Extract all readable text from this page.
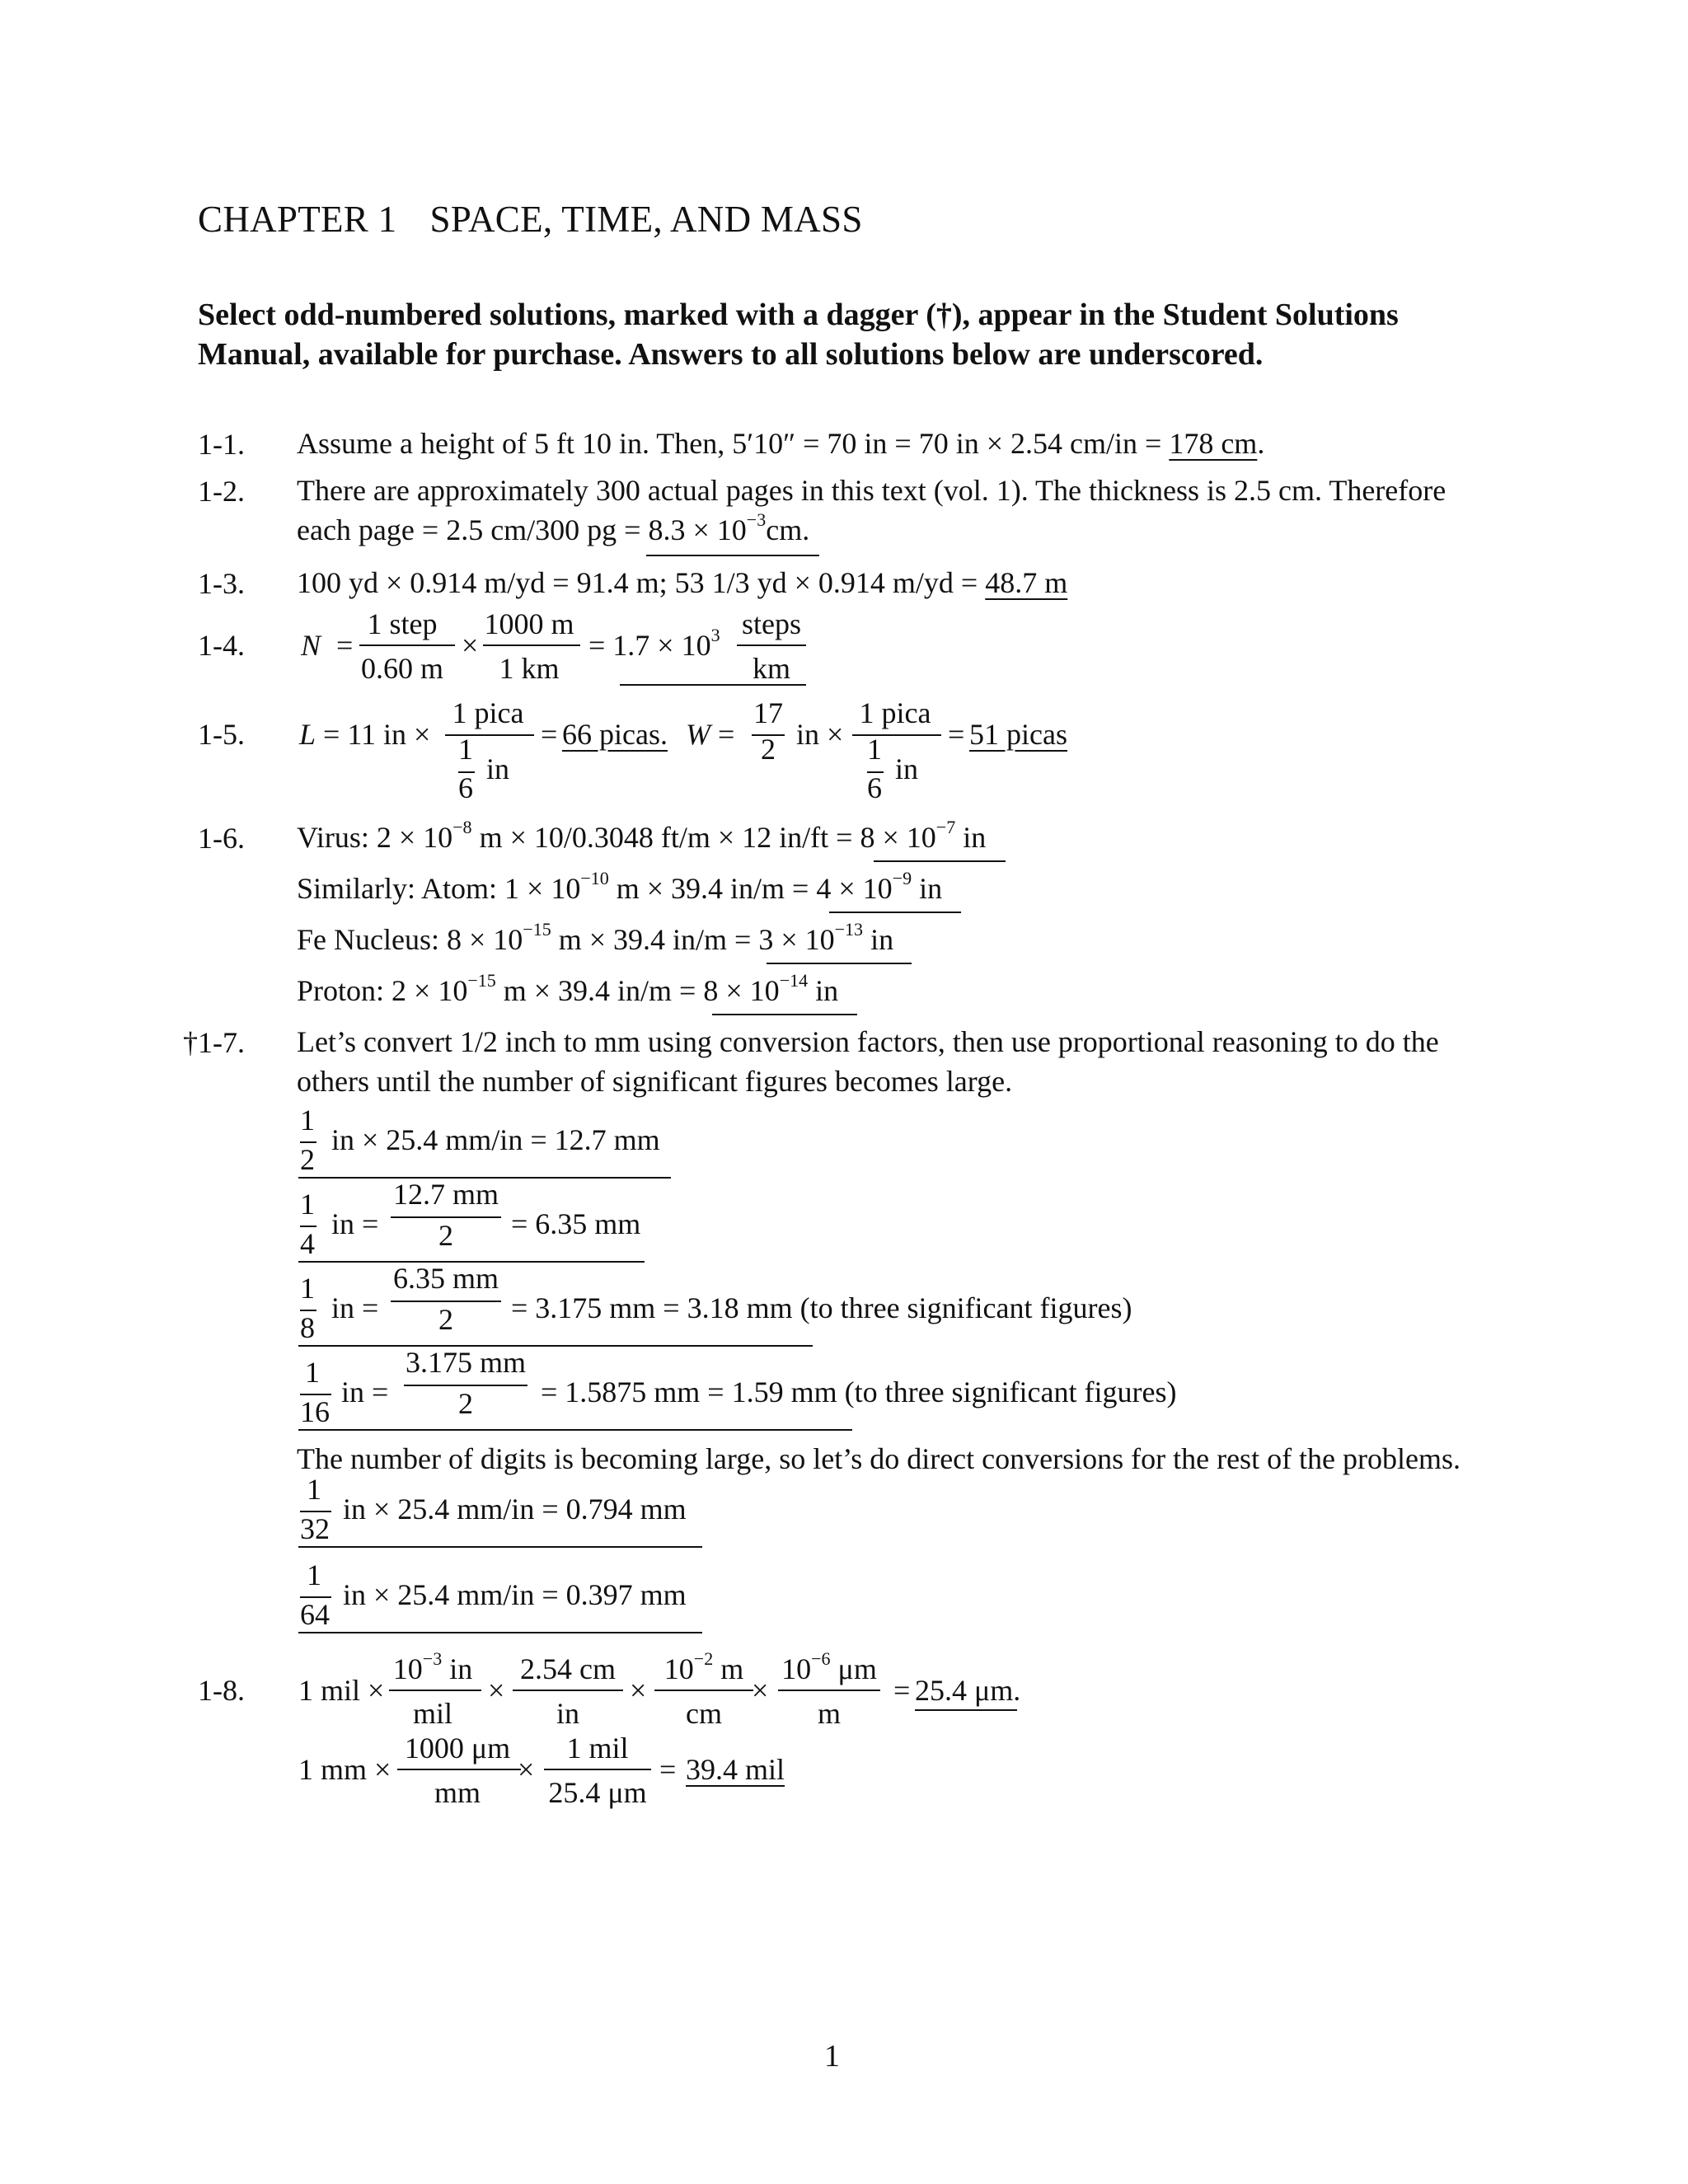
CHAPTER 1 SPACE, TIME, AND MASS
Select odd-numbered solutions, marked with a dagger (†), appear in the Student Solutions Manual, available for purchase. Answers to all solutions below are underscored.
1-1. Assume a height of 5 ft 10 in. Then, 5′10″ = 70 in = 70 in × 2.54 cm/in = 178 cm.
1-2. There are approximately 300 actual pages in this text (vol. 1). The thickness is 2.5 cm. Therefore
each page = 2.5 cm/300 pg = $8.3 \times 10^{-3}cm$.
1-3. 100 yd × 0.914 m/yd = 91.4 m; 53 1/3 yd × 0.914 m/yd = 48.7 m
1-4. N =
1 step
0.60 m
×
1000 m
1 km
= $1.7 \times 10^3$ steps
km
1-5. L = 11 in ×
1 pica
1
6
in
= 66 picas. W =
17
2 in ×
1 pica
1
6
in
= 51 picas
1-6. Virus: $2 \times 10^{-8}$ m × 10/0.3048 ft/m × 12 $in/ft = 8 \times 10^{-7}$ in
Similarly: Atom: $1 \times 10^{-10}$ m × 39.4 $in/m = 4 \times 10^{-9}$ in
Fe Nucleus: $8 \times 10^{-15}$ m × 39.4 $in/m = 3 \times 10^{-13}$ in
Proton: $2 \times 10^{-15}$ m × 39.4 $in/m = 8 \times 10^{-14}$ in
†1-7. Let’s convert 1/2 inch to mm using conversion factors, then use proportional reasoning to do the
others until the number of significant figures becomes large.
1
2
in × 25.4 mm/in = 12.7 mm
1
4
in =
12.7 mm
2	= 6.35 mm
1
8
in =
6.35 mm
2	= 3.175 mm = 3.18 mm (to three significant figures)
1
16
in =
3.175 mm
2	= 1.5875 mm = 1.59 mm (to three significant figures)
The number of digits is becoming large, so let’s do direct conversions for the rest of the problems.
1
32
in × 25.4 mm/in = 0.794 mm
1
64
in × 25.4 mm/in = 0.397 mm
1-8. 1 mil ×
$10^{-3}$ in
mil
×
2.54 cm
in
×
$10^{-2}$ m
cm
×
$10^{-6}$ μm
m
= 25.4 μm.
1 mm ×
1000 μm
mm
×
1 mil
25.4 μm
= 39.4 mil
1
